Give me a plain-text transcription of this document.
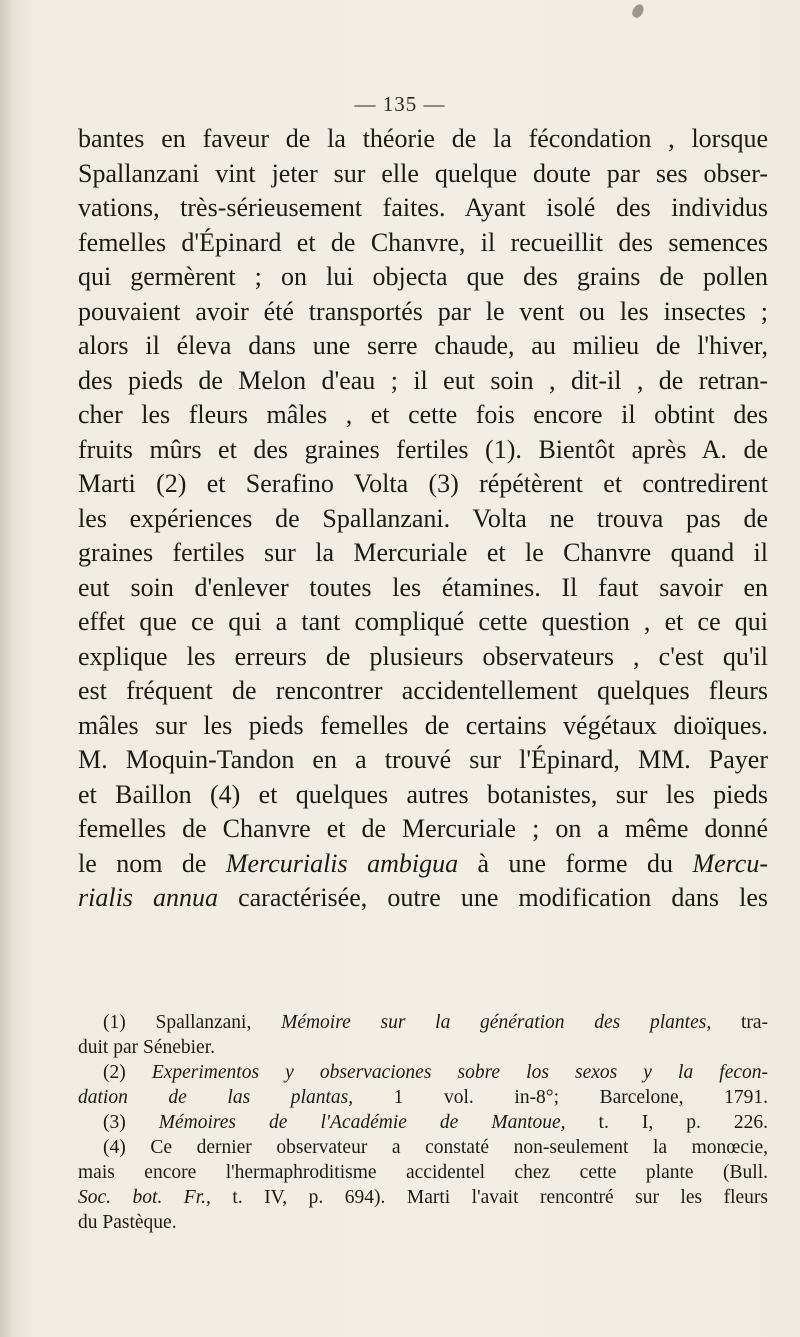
— 135 —
bantes en faveur de la théorie de la fécondation , lorsque
Spallanzani vint jeter sur elle quelque doute par ses obser-
vations, très-sérieusement faites. Ayant isolé des individus
femelles d'Épinard et de Chanvre, il recueillit des semences
qui germèrent ; on lui objecta que des grains de pollen
pouvaient avoir été transportés par le vent ou les insectes ;
alors il éleva dans une serre chaude, au milieu de l'hiver,
des pieds de Melon d'eau ; il eut soin , dit-il , de retran-
cher les fleurs mâles , et cette fois encore il obtint des
fruits mûrs et des graines fertiles (1). Bientôt après A. de
Marti (2) et Serafino Volta (3) répétèrent et contredirent
les expériences de Spallanzani. Volta ne trouva pas de
graines fertiles sur la Mercuriale et le Chanvre quand il
eut soin d'enlever toutes les étamines. Il faut savoir en
effet que ce qui a tant compliqué cette question , et ce qui
explique les erreurs de plusieurs observateurs , c'est qu'il
est fréquent de rencontrer accidentellement quelques fleurs
mâles sur les pieds femelles de certains végétaux dioïques.
M. Moquin-Tandon en a trouvé sur l'Épinard, MM. Payer
et Baillon (4) et quelques autres botanistes, sur les pieds
femelles de Chanvre et de Mercuriale ; on a même donné
le nom de Mercurialis ambigua à une forme du Mercu-
rialis annua caractérisée, outre une modification dans les
(1) Spallanzani, Mémoire sur la génération des plantes, tra-
duit par Sénebier.
(2) Experimentos y observaciones sobre los sexos y la fecon-
dation de las plantas, 1 vol. in-8°; Barcelone, 1791.
(3) Mémoires de l'Académie de Mantoue, t. I, p. 226.
(4) Ce dernier observateur a constaté non-seulement la monœcie,
mais encore l'hermaphroditisme accidentel chez cette plante (Bull.
Soc. bot. Fr., t. IV, p. 694). Marti l'avait rencontré sur les fleurs
du Pastèque.
